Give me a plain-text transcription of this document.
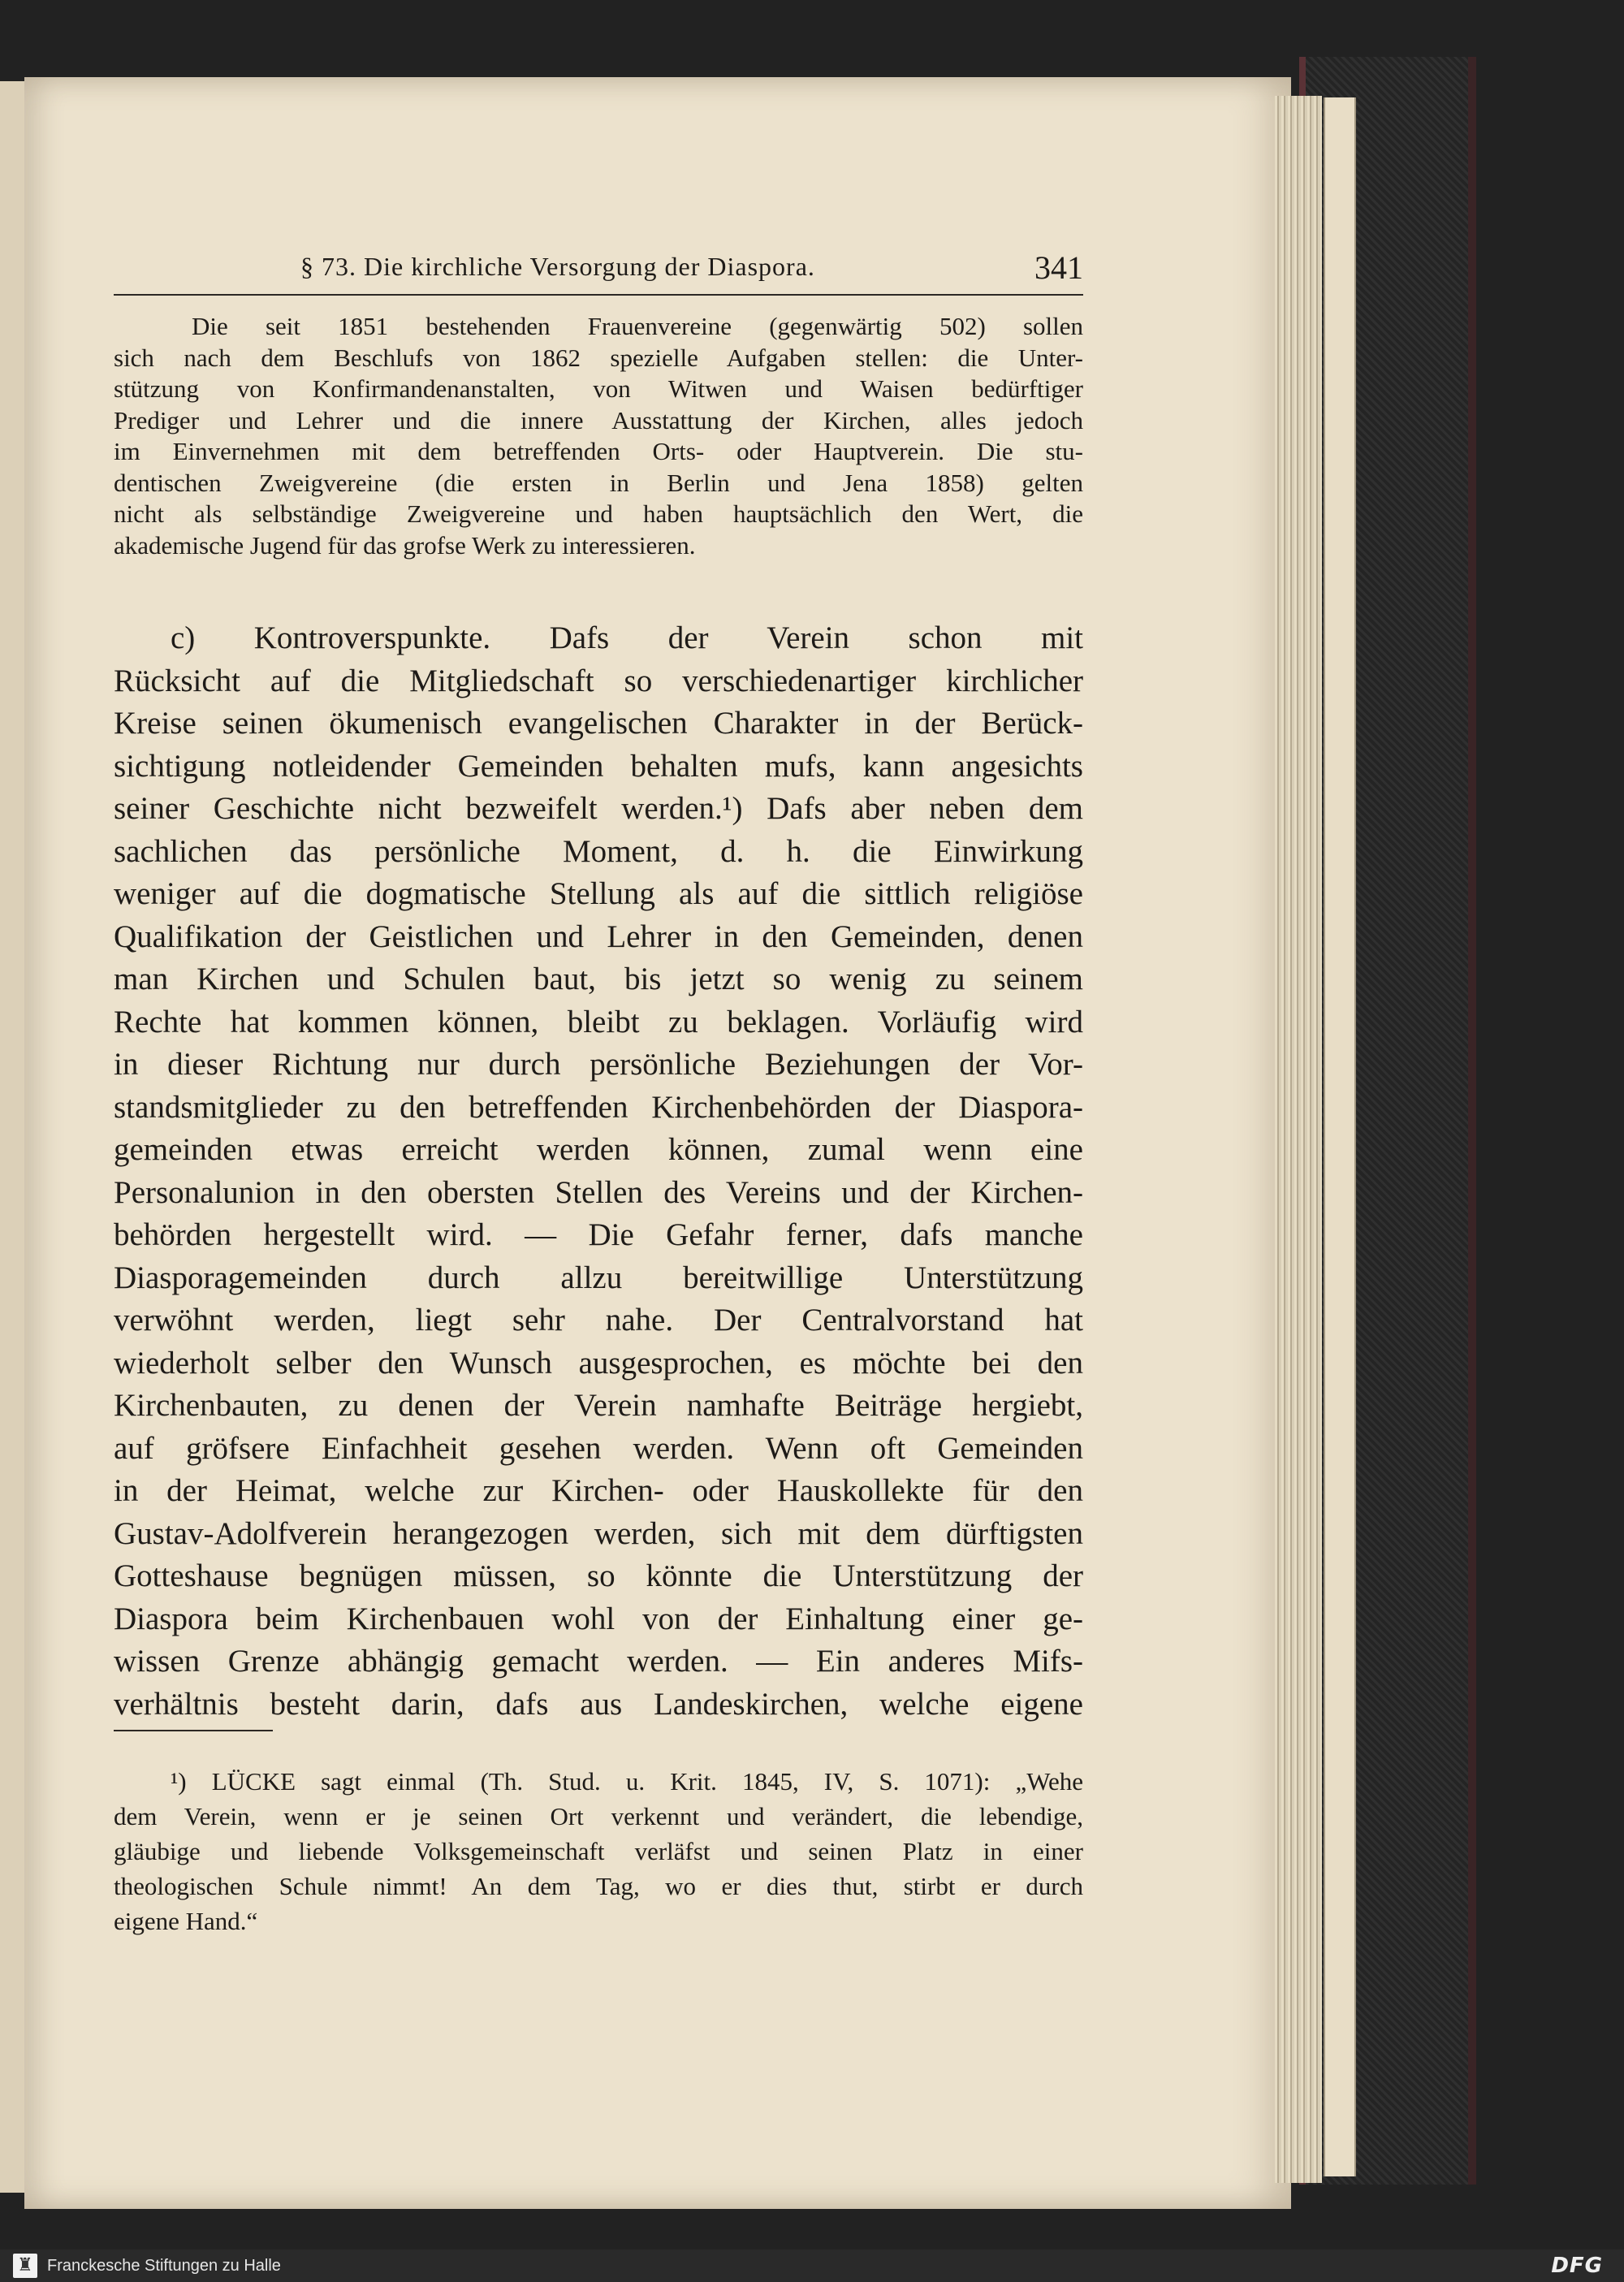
§ 73. Die kirchliche Versorgung der Diaspora.	341
Die seit 1851 bestehenden Frauenvereine (gegenwärtig 502) sollen
sich nach dem Beschlufs von 1862 spezielle Aufgaben stellen: die Unter-
stützung von Konfirmandenanstalten, von Witwen und Waisen bedürftiger
Prediger und Lehrer und die innere Ausstattung der Kirchen, alles jedoch
im Einvernehmen mit dem betreffenden Orts- oder Hauptverein. Die stu-
dentischen Zweigvereine (die ersten in Berlin und Jena 1858) gelten
nicht als selbständige Zweigvereine und haben hauptsächlich den Wert, die
akademische Jugend für das grofse Werk zu interessieren.
c) Kontroverspunkte. Dafs der Verein schon mit
Rücksicht auf die Mitgliedschaft so verschiedenartiger kirchlicher
Kreise seinen ökumenisch evangelischen Charakter in der Berück-
sichtigung notleidender Gemeinden behalten mufs, kann angesichts
seiner Geschichte nicht bezweifelt werden.¹) Dafs aber neben dem
sachlichen das persönliche Moment, d. h. die Einwirkung
weniger auf die dogmatische Stellung als auf die sittlich religiöse
Qualifikation der Geistlichen und Lehrer in den Gemeinden, denen
man Kirchen und Schulen baut, bis jetzt so wenig zu seinem
Rechte hat kommen können, bleibt zu beklagen. Vorläufig wird
in dieser Richtung nur durch persönliche Beziehungen der Vor-
standsmitglieder zu den betreffenden Kirchenbehörden der Diaspora-
gemeinden etwas erreicht werden können, zumal wenn eine
Personalunion in den obersten Stellen des Vereins und der Kirchen-
behörden hergestellt wird. — Die Gefahr ferner, dafs manche
Diasporagemeinden durch allzu bereitwillige Unterstützung
verwöhnt werden, liegt sehr nahe. Der Centralvorstand hat
wiederholt selber den Wunsch ausgesprochen, es möchte bei den
Kirchenbauten, zu denen der Verein namhafte Beiträge hergiebt,
auf gröfsere Einfachheit gesehen werden. Wenn oft Gemeinden
in der Heimat, welche zur Kirchen- oder Hauskollekte für den
Gustav-Adolfverein herangezogen werden, sich mit dem dürftigsten
Gotteshause begnügen müssen, so könnte die Unterstützung der
Diaspora beim Kirchenbauen wohl von der Einhaltung einer ge-
wissen Grenze abhängig gemacht werden. — Ein anderes Mifs-
verhältnis besteht darin, dafs aus Landeskirchen, welche eigene
¹) LÜCKE sagt einmal (Th. Stud. u. Krit. 1845, IV, S. 1071): „Wehe
dem Verein, wenn er je seinen Ort verkennt und verändert, die lebendige,
gläubige und liebende Volksgemeinschaft verläfst und seinen Platz in einer
theologischen Schule nimmt! An dem Tag, wo er dies thut, stirbt er durch
eigene Hand.“
♜ Franckesche Stiftungen zu Halle	DFG
